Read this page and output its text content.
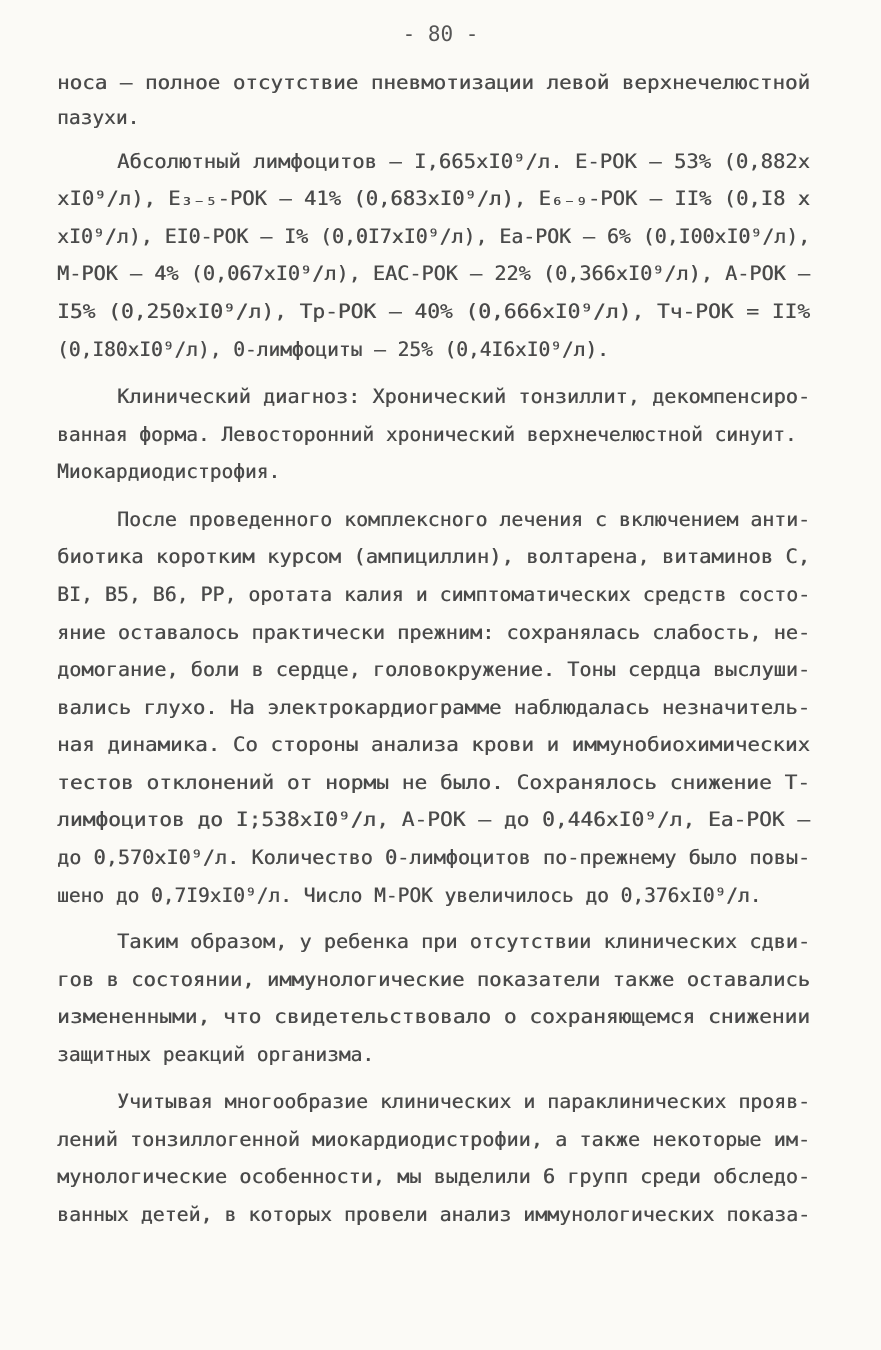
- 80 -
носа – полное отсутствие пневмотизации левой верхнечелюстной
пазухи.
Абсолютный лимфоцитов – I,665xI0⁹/л. Е-РОК – 53% (0,882x
xI0⁹/л), Е₃₋₅-РОК – 41% (0,683xI0⁹/л), Е₆₋₉-РОК – II% (0,I8 x
xI0⁹/л), ЕI0-РОК – I% (0,0I7xI0⁹/л), Еа-РОК – 6% (0,I00xI0⁹/л),
М-РОК – 4% (0,067xI0⁹/л), ЕАС-РОК – 22% (0,366xI0⁹/л), А-РОК –
I5% (0,250xI0⁹/л), Тр-РОК – 40% (0,666xI0⁹/л), Тч-РОК = II%
(0,I80xI0⁹/л), 0-лимфоциты – 25% (0,4I6xI0⁹/л).
Клинический диагноз: Хронический тонзиллит, декомпенсиро-
ванная форма. Левосторонний хронический верхнечелюстной синуит.
Миокардиодистрофия.
После проведенного комплексного лечения с включением анти-
биотика коротким курсом (ампициллин), волтарена, витаминов С,
BI, B5, B6, PP, оротата калия и симптоматических средств состо-
яние оставалось практически прежним: сохранялась слабость, не-
домогание, боли в сердце, головокружение. Тоны сердца выслуши-
вались глухо. На электрокардиограмме наблюдалась незначитель-
ная динамика. Со стороны анализа крови и иммунобиохимических
тестов отклонений от нормы не было. Сохранялось снижение Т-
лимфоцитов до I;538xI0⁹/л, А-РОК – до 0,446xI0⁹/л, Еа-РОК –
до 0,570xI0⁹/л. Количество 0-лимфоцитов по-прежнему было повы-
шено до 0,7I9xI0⁹/л. Число М-РОК увеличилось до 0,376xI0⁹/л.
Таким образом, у ребенка при отсутствии клинических сдви-
гов в состоянии, иммунологические показатели также оставались
измененными, что свидетельствовало о сохраняющемся снижении
защитных реакций организма.
Учитывая многообразие клинических и параклинических прояв-
лений тонзиллогенной миокардиодистрофии, а также некоторые им-
мунологические особенности, мы выделили 6 групп среди обследо-
ванных детей, в которых провели анализ иммунологических показа-
